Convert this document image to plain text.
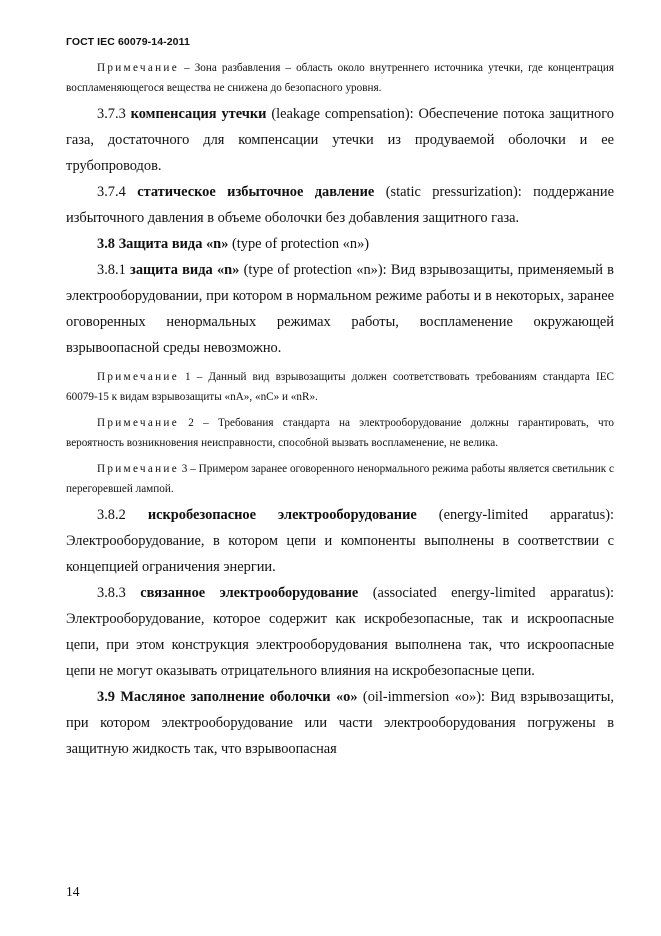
ГОСТ IEC 60079-14-2011

Примечание – Зона разбавления – область около внутреннего источника утечки, где концентрация воспламеняющегося вещества не снижена до безопасного уровня.

3.7.3 компенсация утечки (leakage compensation): Обеспечение потока защитного газа, достаточного для компенсации утечки из продуваемой оболочки и ее трубопроводов.

3.7.4 статическое избыточное давление (static pressurization): поддержание избыточного давления в объеме оболочки без добавления защитного газа.

3.8 Защита вида «n» (type of protection «n»)

3.8.1 защита вида «n» (type of protection «n»): Вид взрывозащиты, применяемый в электрооборудовании, при котором в нормальном режиме работы и в некоторых, заранее оговоренных ненормальных режимах работы, воспламенение окружающей взрывоопасной среды невозможно.

Примечание 1 – Данный вид взрывозащиты должен соответствовать требованиям стандарта IEC 60079-15 к видам взрывозащиты «nA», «nC» и «nR».

Примечание 2 – Требования стандарта на электрооборудование должны гарантировать, что вероятность возникновения неисправности, способной вызвать воспламенение, не велика.

Примечание 3 – Примером заранее оговоренного ненормального режима работы является светильник с перегоревшей лампой.

3.8.2 искробезопасное электрооборудование (energy-limited apparatus): Электрооборудование, в котором цепи и компоненты выполнены в соответствии с концепцией ограничения энергии.

3.8.3 связанное электрооборудование (associated energy-limited apparatus): Электрооборудование, которое содержит как искробезопасные, так и искроопасные цепи, при этом конструкция электрооборудования выполнена так, что искроопасные цепи не могут оказывать отрицательного влияния на искробезопасные цепи.

3.9 Масляное заполнение оболочки «о» (oil-immersion «o»): Вид взрывозащиты, при котором электрооборудование или части электрооборудования погружены в защитную жидкость так, что взрывоопасная

14
